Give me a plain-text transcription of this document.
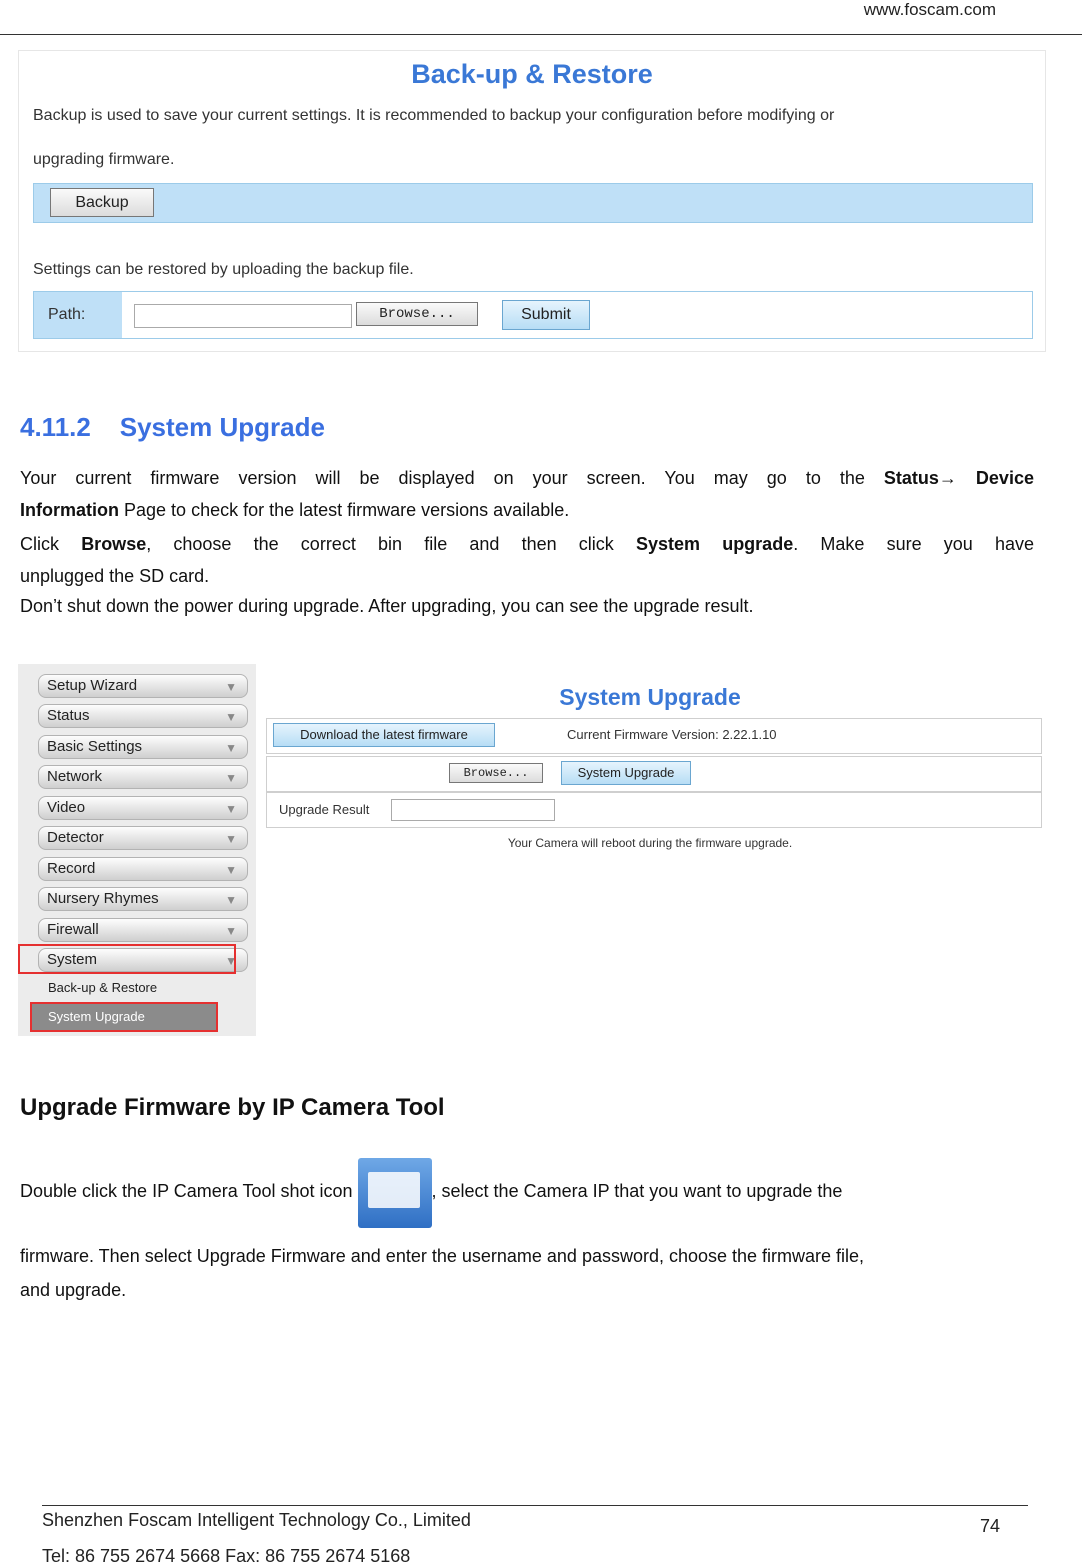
www.foscam.com
Back-up & Restore
Backup is used to save your current settings. It is recommended to backup your configuration before modifying or
upgrading firmware.
Backup
Settings can be restored by uploading the backup file.
Path:	Browse...	Submit
4.11.2    System Upgrade
Your current firmware version will be displayed on your screen. You may go to the Status→ Device
Information Page to check for the latest firmware versions available.
Click Browse, choose the correct bin file and then click System upgrade. Make sure you have
unplugged the SD card.
Don’t shut down the power during upgrade. After upgrading, you can see the upgrade result.
Setup Wizard	▼
Status	▼
Basic Settings	▼
Network	▼
Video	▼
Detector	▼
Record	▼
Nursery Rhymes	▼
Firewall	▼
System	▼
Back-up & Restore
System Upgrade
System Upgrade
Download the latest firmware	Current Firmware Version: 2.22.1.10
Browse...	System Upgrade
Upgrade Result
Your Camera will reboot during the firmware upgrade.
Upgrade Firmware by IP Camera Tool
Double click the IP Camera Tool shot icon	, select the Camera IP that you want to upgrade the
firmware. Then select Upgrade Firmware and enter the username and password, choose the firmware file,
and upgrade.
Shenzhen Foscam Intelligent Technology Co., Limited
Tel: 86 755 2674 5668 Fax: 86 755 2674 5168
74
